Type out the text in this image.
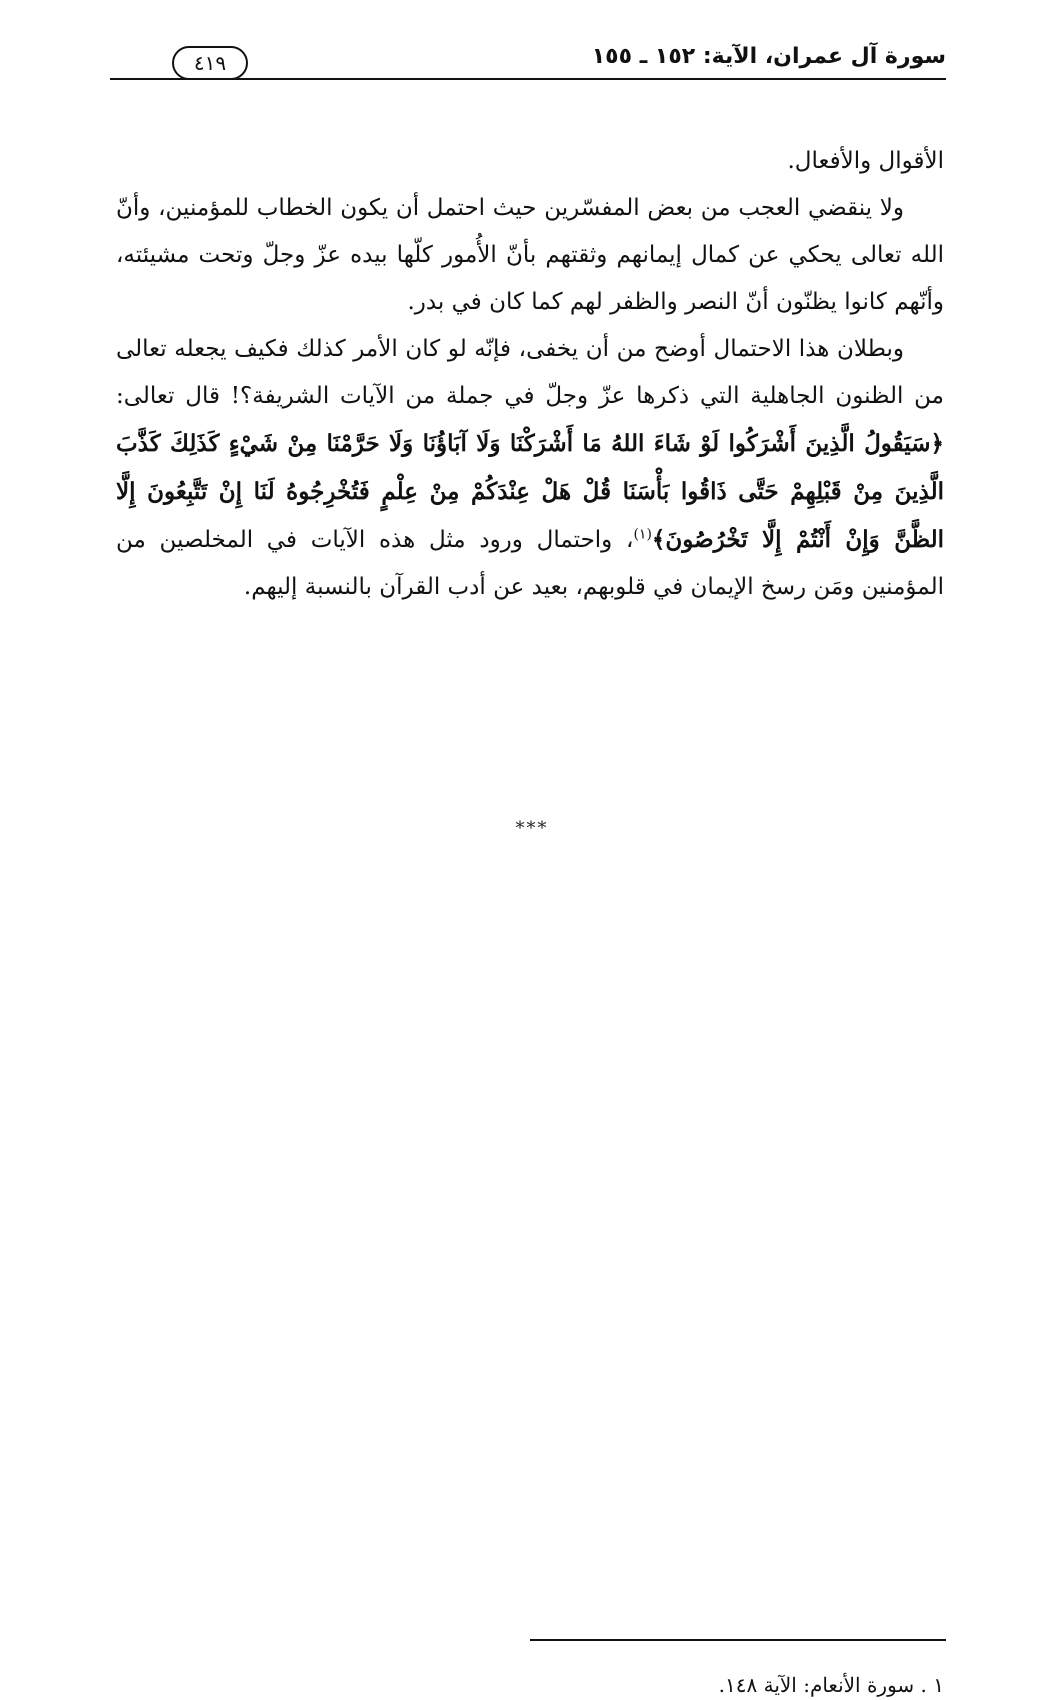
سورة آل عمران، الآية: ١٥٢ ـ ١٥٥
٤١٩

الأقوال والأفعال.

ولا ينقضي العجب من بعض المفسّرين حيث احتمل أن يكون الخطاب للمؤمنين، وأنّ الله تعالى يحكي عن كمال إيمانهم وثقتهم بأنّ الأُمور كلّها بيده عزّ وجلّ وتحت مشيئته، وأنّهم كانوا يظنّون أنّ النصر والظفر لهم كما كان في بدر.

وبطلان هذا الاحتمال أوضح من أن يخفى، فإنّه لو كان الأمر كذلك فكيف يجعله تعالى من الظنون الجاهلية التي ذكرها عزّ وجلّ في جملة من الآيات الشريفة؟! قال تعالى: ﴿سَيَقُولُ الَّذِينَ أَشْرَكُوا لَوْ شَاءَ اللهُ مَا أَشْرَكْنَا وَلَا آبَاؤُنَا وَلَا حَرَّمْنَا مِنْ شَيْءٍ كَذَلِكَ كَذَّبَ الَّذِينَ مِنْ قَبْلِهِمْ حَتَّى ذَاقُوا بَأْسَنَا قُلْ هَلْ عِنْدَكُمْ مِنْ عِلْمٍ فَتُخْرِجُوهُ لَنَا إِنْ تَتَّبِعُونَ إِلَّا الظَّنَّ وَإِنْ أَنْتُمْ إِلَّا تَخْرُصُونَ﴾$^{(١)}$، واحتمال ورود مثل هذه الآيات في المخلصين من المؤمنين ومَن رسخ الإيمان في قلوبهم، بعيد عن أدب القرآن بالنسبة إليهم.

***
١ . سورة الأنعام: الآية ١٤٨.
